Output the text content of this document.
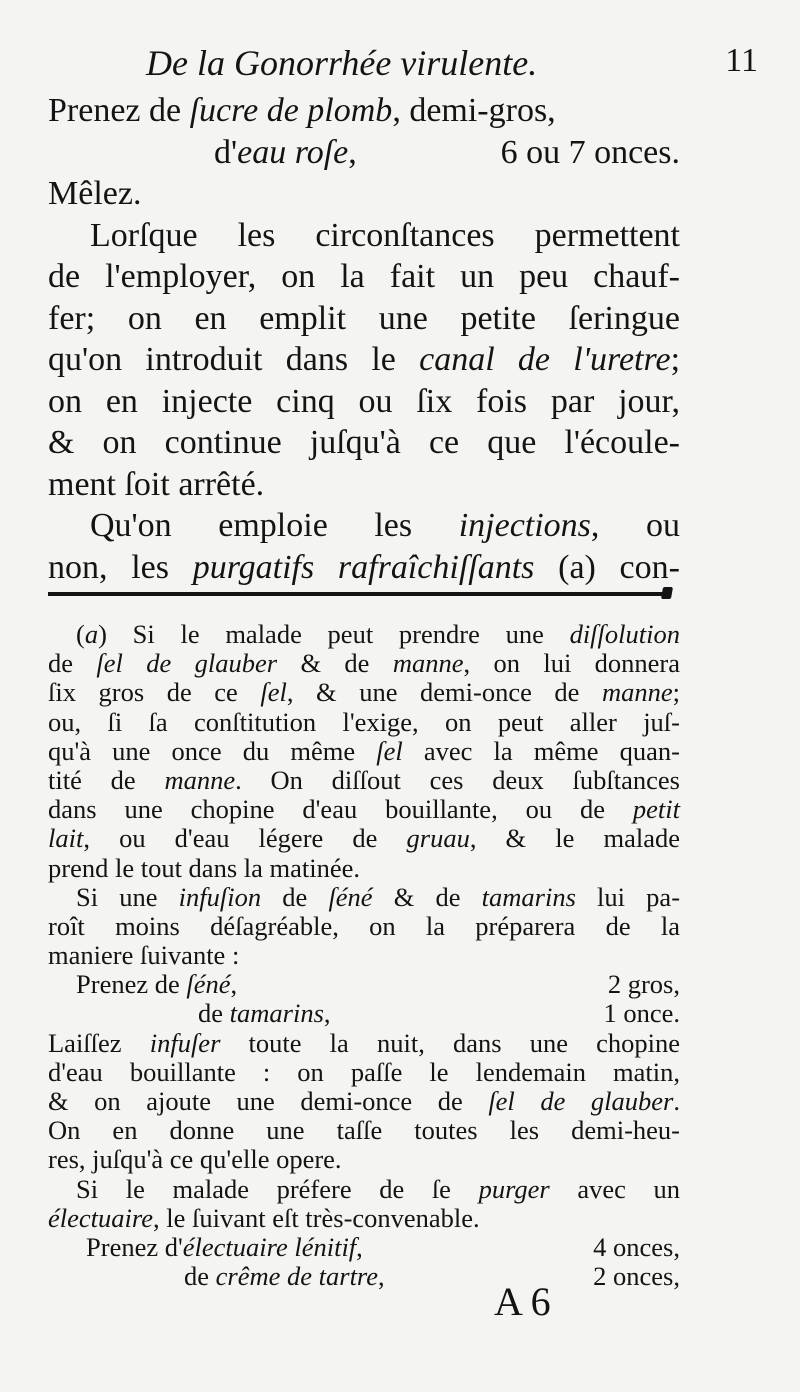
De la Gonorrhée virulente.	11
Prenez de ſucre de plomb, demi-gros,
d'eau roſe,	6 ou 7 onces.
Mêlez.
Lorſque les circonſtances permettent
de l'employer, on la fait un peu chauf-
fer; on en emplit une petite ſeringue
qu'on introduit dans le canal de l'uretre;
on en injecte cinq ou ſix fois par jour,
& on continue juſqu'à ce que l'écoule-
ment ſoit arrêté.
Qu'on emploie les injections, ou
non, les purgatifs rafraîchiſſants (a) con-
(a) Si le malade peut prendre une diſſolution
de ſel de glauber & de manne, on lui donnera
ſix gros de ce ſel, & une demi-once de manne;
ou, ſi ſa conſtitution l'exige, on peut aller juſ-
qu'à une once du même ſel avec la même quan-
tité de manne. On diſſout ces deux ſubſtances
dans une chopine d'eau bouillante, ou de petit
lait, ou d'eau légere de gruau, & le malade
prend le tout dans la matinée.
Si une infuſion de ſéné & de tamarins lui pa-
roît moins déſagréable, on la préparera de la
maniere ſuivante :
Prenez de ſéné,	2 gros,
de tamarins,	1 once.
Laiſſez infuſer toute la nuit, dans une chopine
d'eau bouillante : on paſſe le lendemain matin,
& on ajoute une demi-once de ſel de glauber.
On en donne une taſſe toutes les demi-heu-
res, juſqu'à ce qu'elle opere.
Si le malade préfere de ſe purger avec un
électuaire, le ſuivant eſt très-convenable.
Prenez d'électuaire lénitif,	4 onces,
de crême de tartre,	2 onces,
A 6
